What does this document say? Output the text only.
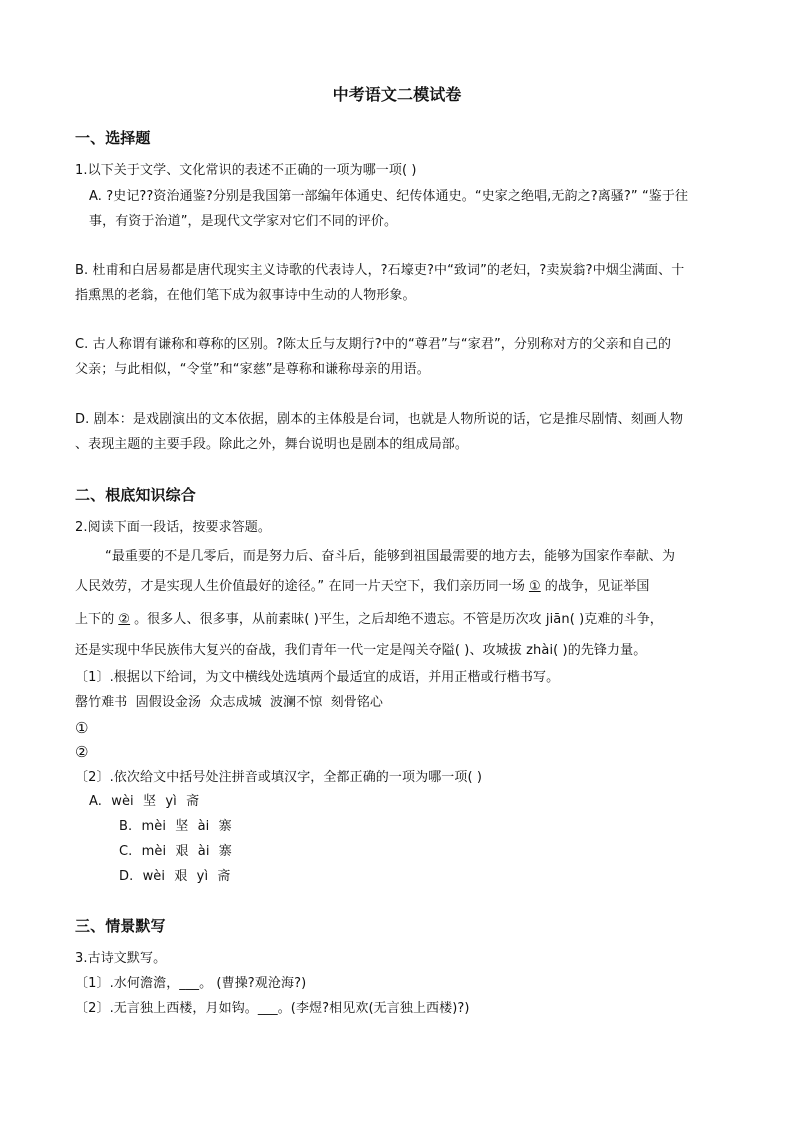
中考语文二模试卷
一、选择题
1.以下关于文学、文化常识的表述不正确的一项为哪一项( )
A. ?史记??资治通鉴?分别是我国第一部编年体通史、纪传体通史。“史家之绝唱,无韵之?离骚?” “鉴于往
事，有资于治道”，是现代文学家对它们不同的评价。
B. 杜甫和白居易都是唐代现实主义诗歌的代表诗人，?石壕吏?中“致词”的老妇，?卖炭翁?中烟尘满面、十
指熏黑的老翁，在他们笔下成为叙事诗中生动的人物形象。
C. 古人称谓有谦称和尊称的区别。?陈太丘与友期行?中的“尊君”与“家君”，分别称对方的父亲和自己的
父亲；与此相似，“令堂”和“家慈”是尊称和谦称母亲的用语。
D. 剧本：是戏剧演出的文本依据，剧本的主体般是台词，也就是人物所说的话，它是推尽剧情、刻画人物
、表现主题的主要手段。除此之外，舞台说明也是剧本的组成局部。
二、根底知识综合
2.阅读下面一段话，按要求答题。
“最重要的不是几零后，而是努力后、奋斗后，能够到祖国最需要的地方去，能够为国家作奉献、为
人民效劳，才是实现人生价值最好的途径。” 在同一片天空下，我们亲历同一场 ① 的战争，见证举国
上下的 ② 。很多人、很多事，从前素昧( )平生，之后却绝不遗忘。不管是历次攻 jiān( )克难的斗争，
还是实现中华民族伟大复兴的奋战，我们青年一代一定是闯关夺隘( )、攻城拔 zhài( )的先锋力量。
〔1〕.根据以下给词，为文中横线处选填两个最适宜的成语，并用正楷或行楷书写。
罄竹难书 固假设金汤 众志成城 波澜不惊 刻骨铭心
①
②
〔2〕.依次给文中括号处注拼音或填汉字，全都正确的一项为哪一项( )
A. wèi 坚 yì 斋
B. mèi 坚 ài 寨
C. mèi 艰 ài 寨
D. wèi 艰 yì 斋
三、情景默写
3.古诗文默写。
〔1〕.水何澹澹，___。 (曹操?观沧海?)
〔2〕.无言独上西楼，月如钩。___。(李煜?相见欢(无言独上西楼)?)
